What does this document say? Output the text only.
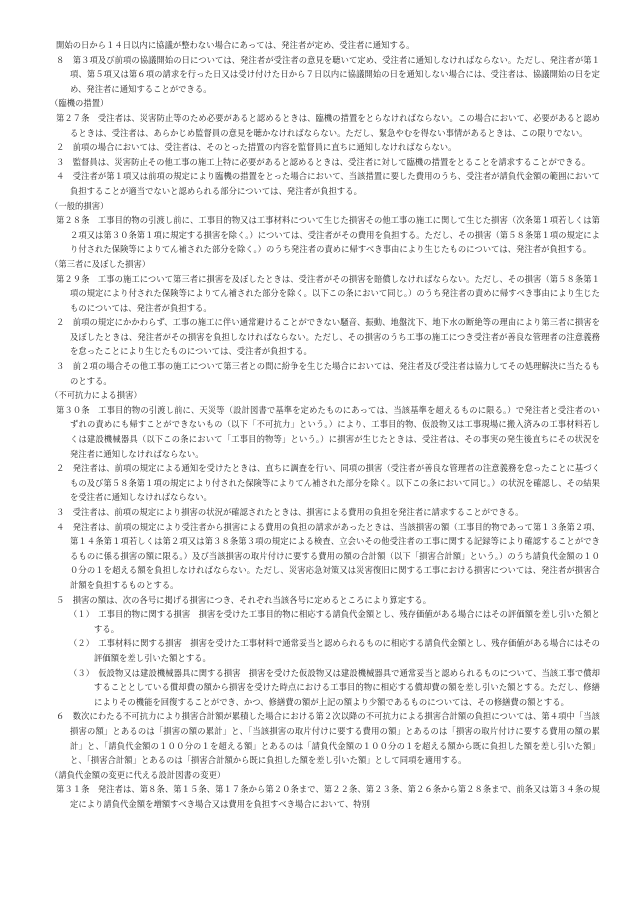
開始の日から１４日以内に協議が整わない場合にあっては、発注者が定め、受注者に通知する。

８　第３項及び前項の協議開始の日については、発注者が受注者の意見を聴いて定め、受注者に通知しなければならない。ただし、発注者が第１項、第５項又は第６項の請求を行った日又は受け付けた日から７日以内に協議開始の日を通知しない場合には、受注者は、協議開始の日を定め、発注者に通知することができる。

（臨機の措置）

第２７条　受注者は、災害防止等のため必要があると認めるときは、臨機の措置をとらなければならない。この場合において、必要があると認めるときは、受注者は、あらかじめ監督員の意見を聴かなければならない。ただし、緊急やむを得ない事情があるときは、この限りでない。

２　前項の場合においては、受注者は、そのとった措置の内容を監督員に直ちに通知しなければならない。

３　監督員は、災害防止その他工事の施工上特に必要があると認めるときは、受注者に対して臨機の措置をとることを請求することができる。

４　受注者が第１項又は前項の規定により臨機の措置をとった場合において、当該措置に要した費用のうち、受注者が請負代金額の範囲において負担することが適当でないと認められる部分については、発注者が負担する。

（一般的損害）

第２８条　工事目的物の引渡し前に、工事目的物又は工事材料について生じた損害その他工事の施工に関して生じた損害（次条第１項若しくは第２項又は第３０条第１項に規定する損害を除く。）については、受注者がその費用を負担する。ただし、その損害（第５８条第１項の規定により付された保険等によりてん補された部分を除く。）のうち発注者の責めに帰すべき事由により生じたものについては、発注者が負担する。

（第三者に及ぼした損害）

第２９条　工事の施工について第三者に損害を及ぼしたときは、受注者がその損害を賠償しなければならない。ただし、その損害（第５８条第１項の規定により付された保険等によりてん補された部分を除く。以下この条において同じ。）のうち発注者の責めに帰すべき事由により生じたものについては、発注者が負担する。

２　前項の規定にかかわらず、工事の施工に伴い通常避けることができない騒音、振動、地盤沈下、地下水の断絶等の理由により第三者に損害を及ぼしたときは、発注者がその損害を負担しなければならない。ただし、その損害のうち工事の施工につき受注者が善良な管理者の注意義務を怠ったことにより生じたものについては、受注者が負担する。

３　前２項の場合その他工事の施工について第三者との間に紛争を生じた場合においては、発注者及び受注者は協力してその処理解決に当たるものとする。

（不可抗力による損害）

第３０条　工事目的物の引渡し前に、天災等（設計図書で基準を定めたものにあっては、当該基準を超えるものに限る。）で発注者と受注者のいずれの責めにも帰すことができないもの（以下「不可抗力」という。）により、工事目的物、仮設物又は工事現場に搬入済みの工事材料若しくは建設機械器具（以下この条において「工事目的物等」という。）に損害が生じたときは、受注者は、その事実の発生後直ちにその状況を発注者に通知しなければならない。

２　発注者は、前項の規定による通知を受けたときは、直ちに調査を行い、同項の損害（受注者が善良な管理者の注意義務を怠ったことに基づくもの及び第５８条第１項の規定により付された保険等によりてん補された部分を除く。以下この条において同じ。）の状況を確認し、その結果を受注者に通知しなければならない。

３　受注者は、前項の規定により損害の状況が確認されたときは、損害による費用の負担を発注者に請求することができる。

４　発注者は、前項の規定により受注者から損害による費用の負担の請求があったときは、当該損害の額（工事目的物であって第１３条第２項、第１４条第１項若しくは第２項又は第３８条第３項の規定による検査、立会いその他受注者の工事に関する記録等により確認することができるものに係る損害の額に限る。）及び当該損害の取片付けに要する費用の額の合計額（以下「損害合計額」という。）のうち請負代金額の１００分の１を超える額を負担しなければならない。ただし、災害応急対策又は災害復旧に関する工事における損害については、発注者が損害合計額を負担するものとする。

５　損害の額は、次の各号に掲げる損害につき、それぞれ当該各号に定めるところにより算定する。

（１）　工事目的物に関する損害　損害を受けた工事目的物に相応する請負代金額とし、残存価値がある場合にはその評価額を差し引いた額とする。

（２）　工事材料に関する損害　損害を受けた工事材料で通常妥当と認められるものに相応する請負代金額とし、残存価値がある場合にはその評価額を差し引いた額とする。

（３）　仮設物又は建設機械器具に関する損害　損害を受けた仮設物又は建設機械器具で通常妥当と認められるものについて、当該工事で償却することとしている償却費の額から損害を受けた時点における工事目的物に相応する償却費の額を差し引いた額とする。ただし、修繕によりその機能を回復することができ、かつ、修繕費の額が上記の額より少額であるものについては、その修繕費の額とする。

６　数次にわたる不可抗力により損害合計額が累積した場合における第２次以降の不可抗力による損害合計額の負担については、第４項中「当該損害の額」とあるのは「損害の額の累計」と、「当該損害の取片付けに要する費用の額」とあるのは「損害の取片付けに要する費用の額の累計」と、「請負代金額の１００分の１を超える額」とあるのは「請負代金額の１００分の１を超える額から既に負担した額を差し引いた額」と、「損害合計額」とあるのは「損害合計額から既に負担した額を差し引いた額」として同項を適用する。

（請負代金額の変更に代える設計図書の変更）

第３１条　発注者は、第８条、第１５条、第１７条から第２０条まで、第２２条、第２３条、第２６条から第２８条まで、前条又は第３４条の規定により請負代金額を増額すべき場合又は費用を負担すべき場合において、特別
